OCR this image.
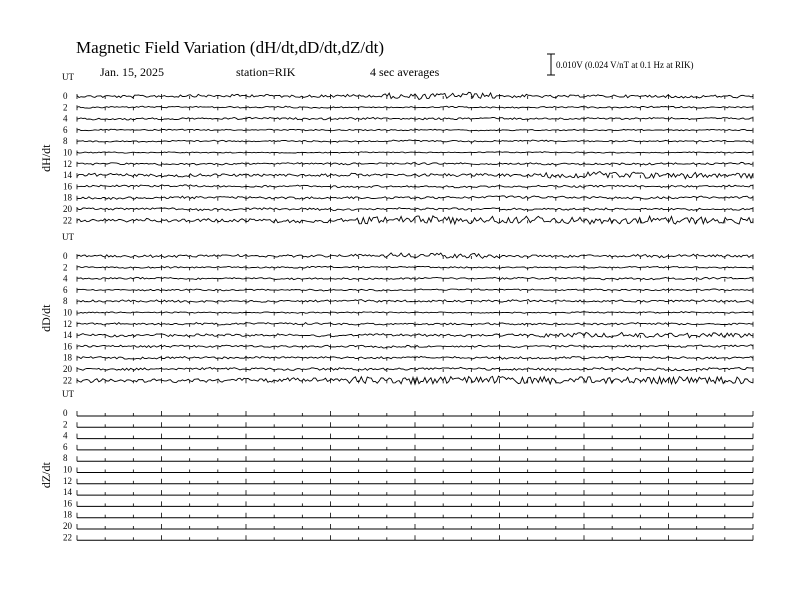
Magnetic Field Variation (dH/dt,dD/dt,dZ/dt)
Jan. 15, 2025	station=RIK	4 sec averages	0.010V (0.024 V/nT at 0.1 Hz at RIK)
UT
dH/dt
0
2
4
6
8
10
12
14
16
18
20
22
UT
dD/dt
0
2
4
6
8
10
12
14
16
18
20
22
UT
dZ/dt
0
2
4
6
8
10
12
14
16
18
20
22
